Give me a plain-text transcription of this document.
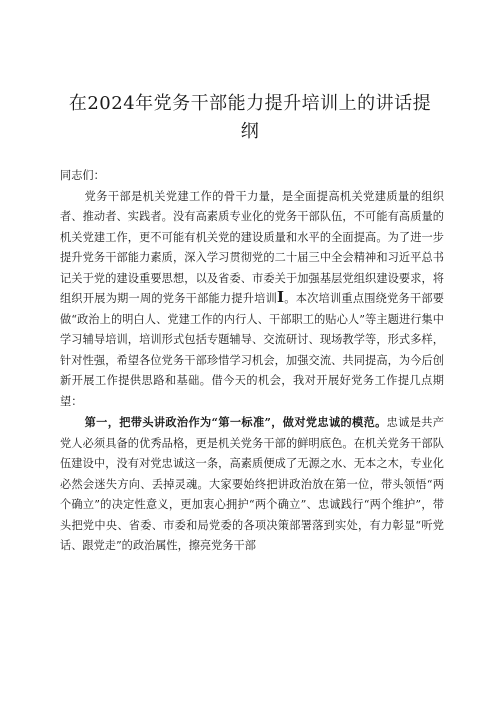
在2024年党务干部能力提升培训上的讲话提纲

同志们：

党务干部是机关党建工作的骨干力量，是全面提高机关党建质量的组织者、推动者、实践者。没有高素质专业化的党务干部队伍，不可能有高质量的机关党建工作，更不可能有机关党的建设质量和水平的全面提高。为了进一步提升党务干部能力素质，深入学习贯彻党的二十届三中全会精神和习近平总书记关于党的建设重要思想，以及省委、市委关于加强基层党组织建设要求，将组织开展为期一周的党务干部能力提升培训I。本次培训重点围绕党务干部要做“政治上的明白人、党建工作的内行人、干部职工的贴心人”等主题进行集中学习辅导培训，培训形式包括专题辅导、交流研讨、现场教学等，形式多样，针对性强，希望各位党务干部珍惜学习机会，加强交流、共同提高，为今后创新开展工作提供思路和基础。借今天的机会，我对开展好党务工作提几点期望：

第一，把带头讲政治作为“第一标准”，做对党忠诚的模范。忠诚是共产党人必须具备的优秀品格，更是机关党务干部的鲜明底色。在机关党务干部队伍建设中，没有对党忠诚这一条，高素质便成了无源之水、无本之木，专业化必然会迷失方向、丢掉灵魂。大家要始终把讲政治放在第一位，带头领悟“两个确立”的决定性意义，更加衷心拥护“两个确立”、忠诚践行“两个维护”，带头把党中央、省委、市委和局党委的各项决策部署落到实处，有力彰显“听党话、跟党走”的政治属性，擦亮党务干部
